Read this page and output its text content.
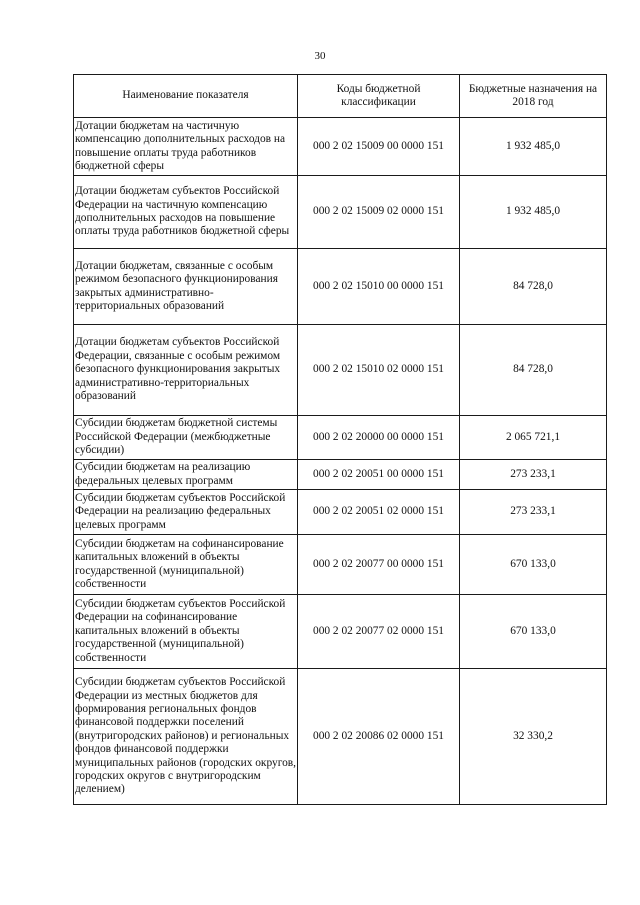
30
Наименование показателя	Коды бюджетной классификации	Бюджетные назначения на 2018 год
Дотации бюджетам на частичную компенсацию дополнительных расходов на повышение оплаты труда работников бюджетной сферы	000 2 02 15009 00 0000 151	1 932 485,0
Дотации бюджетам субъектов Российской Федерации на частичную компенсацию дополнительных расходов на повышение оплаты труда работников бюджетной сферы	000 2 02 15009 02 0000 151	1 932 485,0
Дотации бюджетам, связанные с особым режимом безопасного функционирования закрытых административно-территориальных образований	000 2 02 15010 00 0000 151	84 728,0
Дотации бюджетам субъектов Российской Федерации, связанные с особым режимом безопасного функционирования закрытых административно-территориальных образований	000 2 02 15010 02 0000 151	84 728,0
Субсидии бюджетам бюджетной системы Российской Федерации (межбюджетные субсидии)	000 2 02 20000 00 0000 151	2 065 721,1
Субсидии бюджетам на реализацию федеральных целевых программ	000 2 02 20051 00 0000 151	273 233,1
Субсидии бюджетам субъектов Российской Федерации на реализацию федеральных целевых программ	000 2 02 20051 02 0000 151	273 233,1
Субсидии бюджетам на софинансирование капитальных вложений в объекты государственной (муниципальной) собственности	000 2 02 20077 00 0000 151	670 133,0
Субсидии бюджетам субъектов Российской Федерации на софинансирование капитальных вложений в объекты государственной (муниципальной) собственности	000 2 02 20077 02 0000 151	670 133,0
Субсидии бюджетам субъектов Российской Федерации из местных бюджетов для формирования региональных фондов финансовой поддержки поселений (внутригородских районов) и региональных фондов финансовой поддержки муниципальных районов (городских округов, городских округов с внутригородским делением)	000 2 02 20086 02 0000 151	32 330,2
